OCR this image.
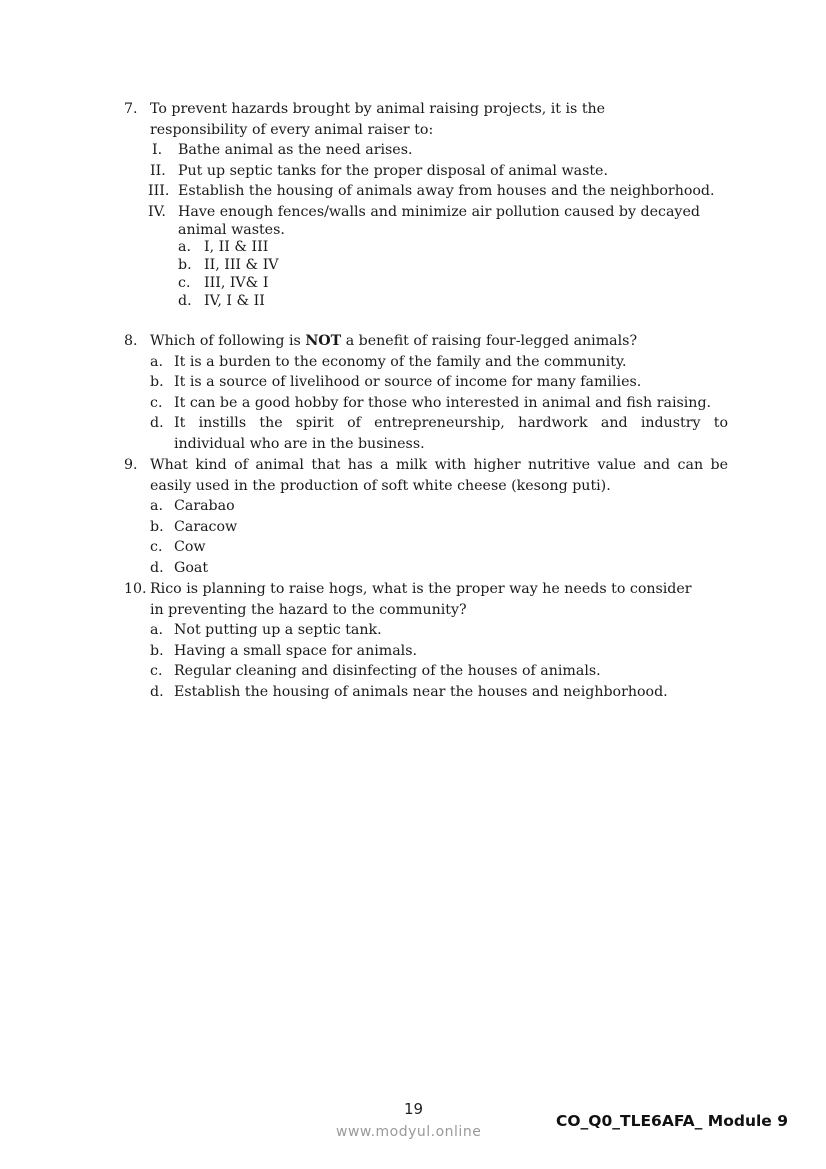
7. To prevent hazards brought by animal raising projects, it is the
responsibility of every animal raiser to:
I. Bathe animal as the need arises.
II. Put up septic tanks for the proper disposal of animal waste.
III. Establish the housing of animals away from houses and the neighborhood.
IV. Have enough fences/walls and minimize air pollution caused by decayed
animal wastes.
a. I, II & III
b. II, III & IV
c. III, IV& I
d. IV, I & II
8. Which of following is NOT a benefit of raising four-legged animals?
a. It is a burden to the economy of the family and the community.
b. It is a source of livelihood or source of income for many families.
c. It can be a good hobby for those who interested in animal and fish raising.
d. It instills the spirit of entrepreneurship, hardwork and industry to
individual who are in the business.
9. What kind of animal that has a milk with higher nutritive value and can be
easily used in the production of soft white cheese (kesong puti).
a. Carabao
b. Caracow
c. Cow
d. Goat
10. Rico is planning to raise hogs, what is the proper way he needs to consider
in preventing the hazard to the community?
a. Not putting up a septic tank.
b. Having a small space for animals.
c. Regular cleaning and disinfecting of the houses of animals.
d. Establish the housing of animals near the houses and neighborhood.
19
www.modyul.online
CO_Q0_TLE6AFA_ Module 9
